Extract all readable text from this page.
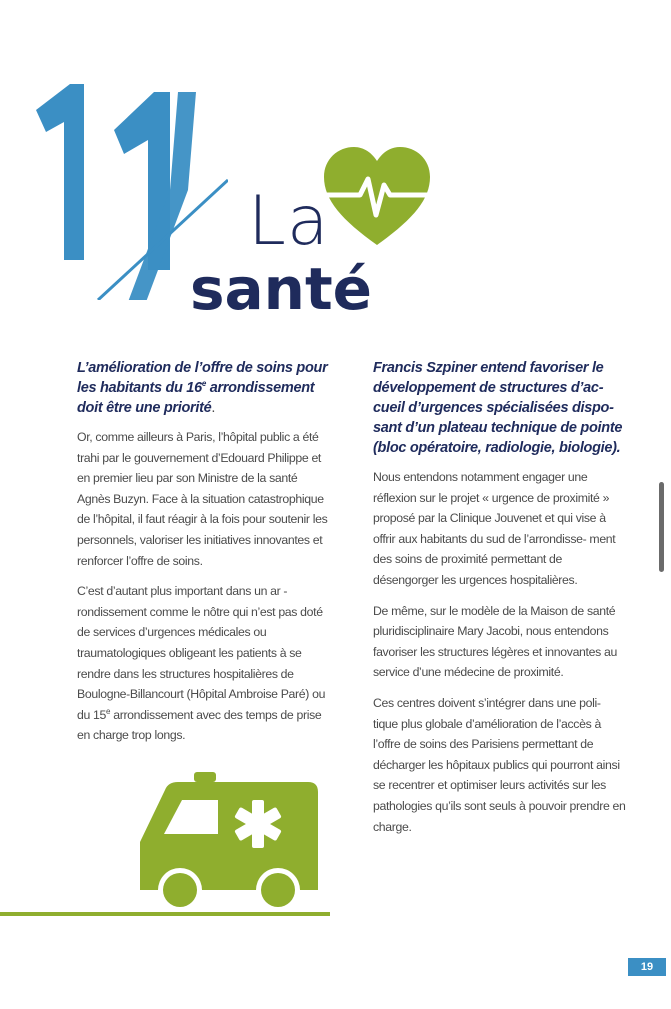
La
santé

L’amélioration de l’offre de soins pour les habitants du 16e arrondissement doit être une priorité.

Or, comme ailleurs à Paris, l’hôpital public a été trahi par le gouvernement d’Edouard Philippe et en premier lieu par son Ministre de la santé Agnès Buzyn. Face à la situation catastrophique de l’hôpital, il faut réagir à la fois pour soutenir les personnels, valoriser les initiatives innovantes et renforcer l’offre de soins.

C’est d’autant plus important dans un ar - rondissement comme le nôtre qui n’est pas doté de services d’urgences médicales ou traumatologiques obligeant les patients à se rendre dans les structures hospitalières de Boulogne-Billancourt (Hôpital Ambroise Paré) ou du 15e arrondissement avec des temps de prise en charge trop longs.

Francis Szpiner entend favoriser le développement de structures d’ac- cueil d’urgences spécialisées dispo- sant d’un plateau technique de pointe (bloc opératoire, radiologie, biologie).

Nous entendons notamment engager une réflexion sur le projet « urgence de proximité » proposé par la Clinique Jouvenet et qui vise à offrir aux habitants du sud de l’arrondisse- ment des soins de proximité permettant de désengorger les urgences hospitalières.

De même, sur le modèle de la Maison de santé pluridisciplinaire Mary Jacobi, nous entendons favoriser les structures légères et innovantes au service d’une médecine de proximité.

Ces centres doivent s’intégrer dans une poli- tique plus globale d’amélioration de l’accès à l’offre de soins des Parisiens permettant de décharger les hôpitaux publics qui pourront ainsi se recentrer et optimiser leurs activités sur les pathologies qu’ils sont seuls à pouvoir prendre en charge.

19
